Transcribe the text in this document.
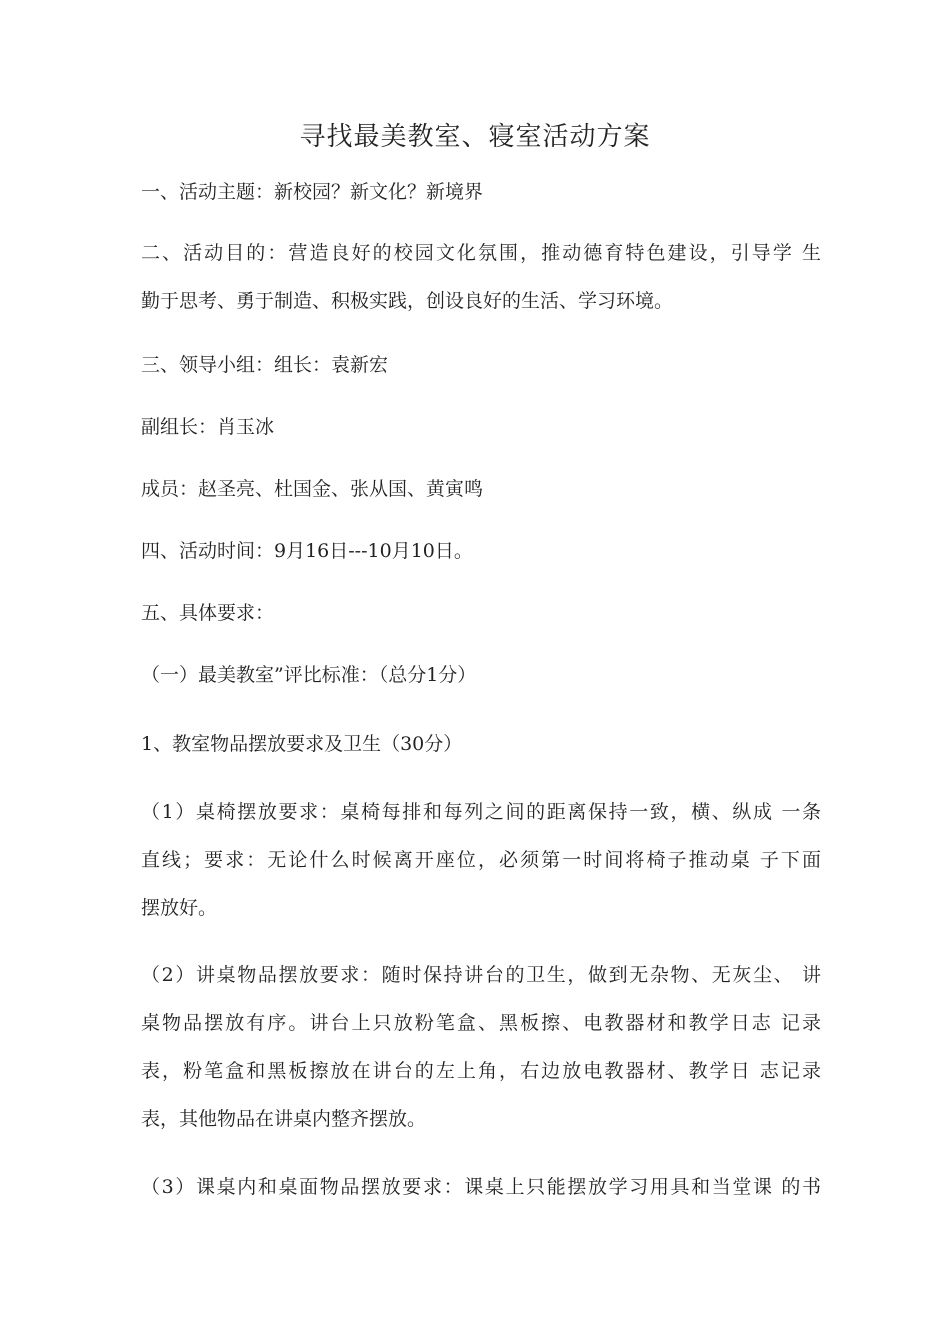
寻找最美教室、寝室活动方案
一、活动主题：新校园？新文化？新境界
二、活动目的：营造良好的校园文化氛围，推动德育特色建设，引导学 生
勤于思考、勇于制造、积极实践，创设良好的生活、学习环境。
三、领导小组：组长：袁新宏
副组长：肖玉冰
成员：赵圣亮、杜国金、张从国、黄寅鸣
四、活动时间：9月16日---10月10日。
五、具体要求：
（一）最美教室”评比标准：（总分1分）
1、教室物品摆放要求及卫生（30分）
（1）桌椅摆放要求：桌椅每排和每列之间的距离保持一致，横、纵成 一条
直线；要求：无论什么时候离开座位，必须第一时间将椅子推动桌 子下面
摆放好。
（2）讲桌物品摆放要求：随时保持讲台的卫生，做到无杂物、无灰尘、 讲
桌物品摆放有序。讲台上只放粉笔盒、黑板擦、电教器材和教学日志 记录
表，粉笔盒和黑板擦放在讲台的左上角，右边放电教器材、教学日 志记录
表，其他物品在讲桌内整齐摆放。
（3）课桌内和桌面物品摆放要求：课桌上只能摆放学习用具和当堂课 的书
